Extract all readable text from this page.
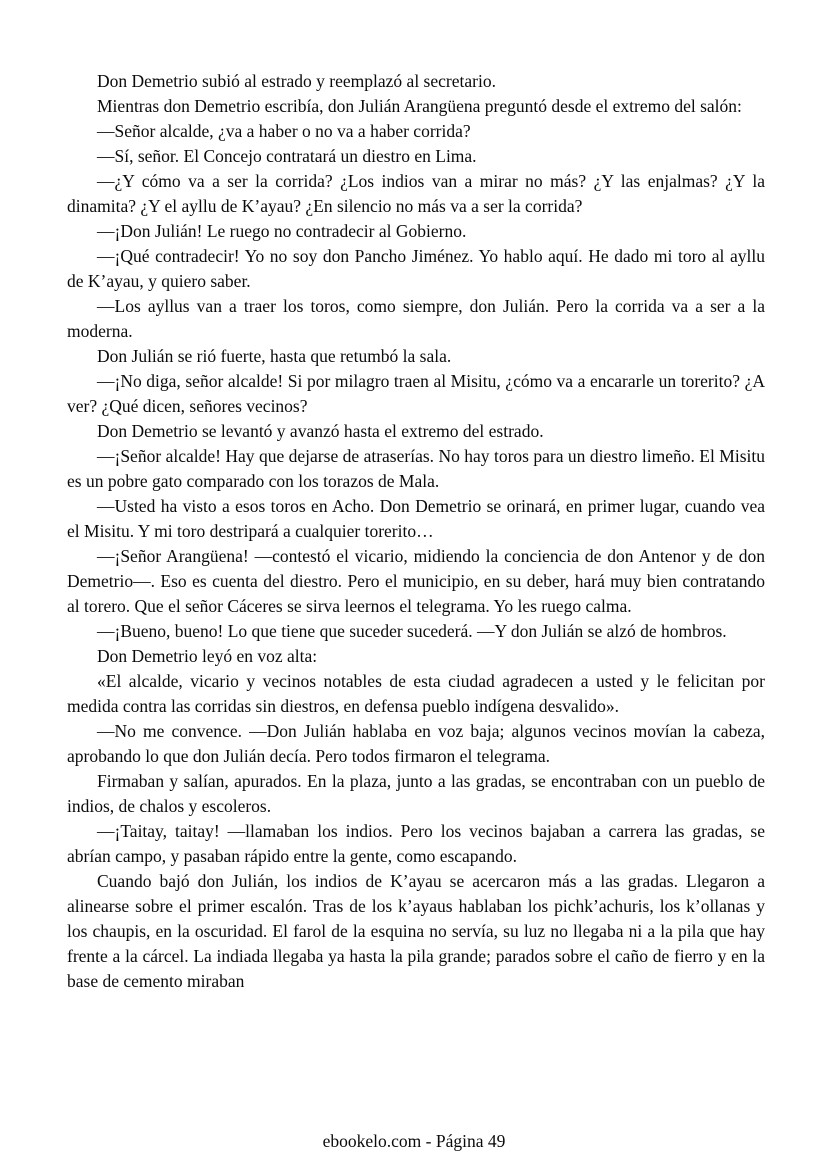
Don Demetrio subió al estrado y reemplazó al secretario.

Mientras don Demetrio escribía, don Julián Arangüena preguntó desde el extremo del salón:

—Señor alcalde, ¿va a haber o no va a haber corrida?

—Sí, señor. El Concejo contratará un diestro en Lima.

—¿Y cómo va a ser la corrida? ¿Los indios van a mirar no más? ¿Y las enjalmas? ¿Y la dinamita? ¿Y el ayllu de K’ayau? ¿En silencio no más va a ser la corrida?

—¡Don Julián! Le ruego no contradecir al Gobierno.

—¡Qué contradecir! Yo no soy don Pancho Jiménez. Yo hablo aquí. He dado mi toro al ayllu de K’ayau, y quiero saber.

—Los ayllus van a traer los toros, como siempre, don Julián. Pero la corrida va a ser a la moderna.

Don Julián se rió fuerte, hasta que retumbó la sala.

—¡No diga, señor alcalde! Si por milagro traen al Misitu, ¿cómo va a encararle un torerito? ¿A ver? ¿Qué dicen, señores vecinos?

Don Demetrio se levantó y avanzó hasta el extremo del estrado.

—¡Señor alcalde! Hay que dejarse de atraserías. No hay toros para un diestro limeño. El Misitu es un pobre gato comparado con los torazos de Mala.

—Usted ha visto a esos toros en Acho. Don Demetrio se orinará, en primer lugar, cuando vea el Misitu. Y mi toro destripará a cualquier torerito…

—¡Señor Arangüena! —contestó el vicario, midiendo la conciencia de don Antenor y de don Demetrio—. Eso es cuenta del diestro. Pero el municipio, en su deber, hará muy bien contratando al torero. Que el señor Cáceres se sirva leernos el telegrama. Yo les ruego calma.

—¡Bueno, bueno! Lo que tiene que suceder sucederá. —Y don Julián se alzó de hombros.

Don Demetrio leyó en voz alta:

«El alcalde, vicario y vecinos notables de esta ciudad agradecen a usted y le felicitan por medida contra las corridas sin diestros, en defensa pueblo indígena desvalido».

—No me convence. —Don Julián hablaba en voz baja; algunos vecinos movían la cabeza, aprobando lo que don Julián decía. Pero todos firmaron el telegrama.

Firmaban y salían, apurados. En la plaza, junto a las gradas, se encontraban con un pueblo de indios, de chalos y escoleros.

—¡Taitay, taitay! —llamaban los indios. Pero los vecinos bajaban a carrera las gradas, se abrían campo, y pasaban rápido entre la gente, como escapando.

Cuando bajó don Julián, los indios de K’ayau se acercaron más a las gradas. Llegaron a alinearse sobre el primer escalón. Tras de los k’ayaus hablaban los pichk’achuris, los k’ollanas y los chaupis, en la oscuridad. El farol de la esquina no servía, su luz no llegaba ni a la pila que hay frente a la cárcel. La indiada llegaba ya hasta la pila grande; parados sobre el caño de fierro y en la base de cemento miraban

ebookelo.com - Página 49
